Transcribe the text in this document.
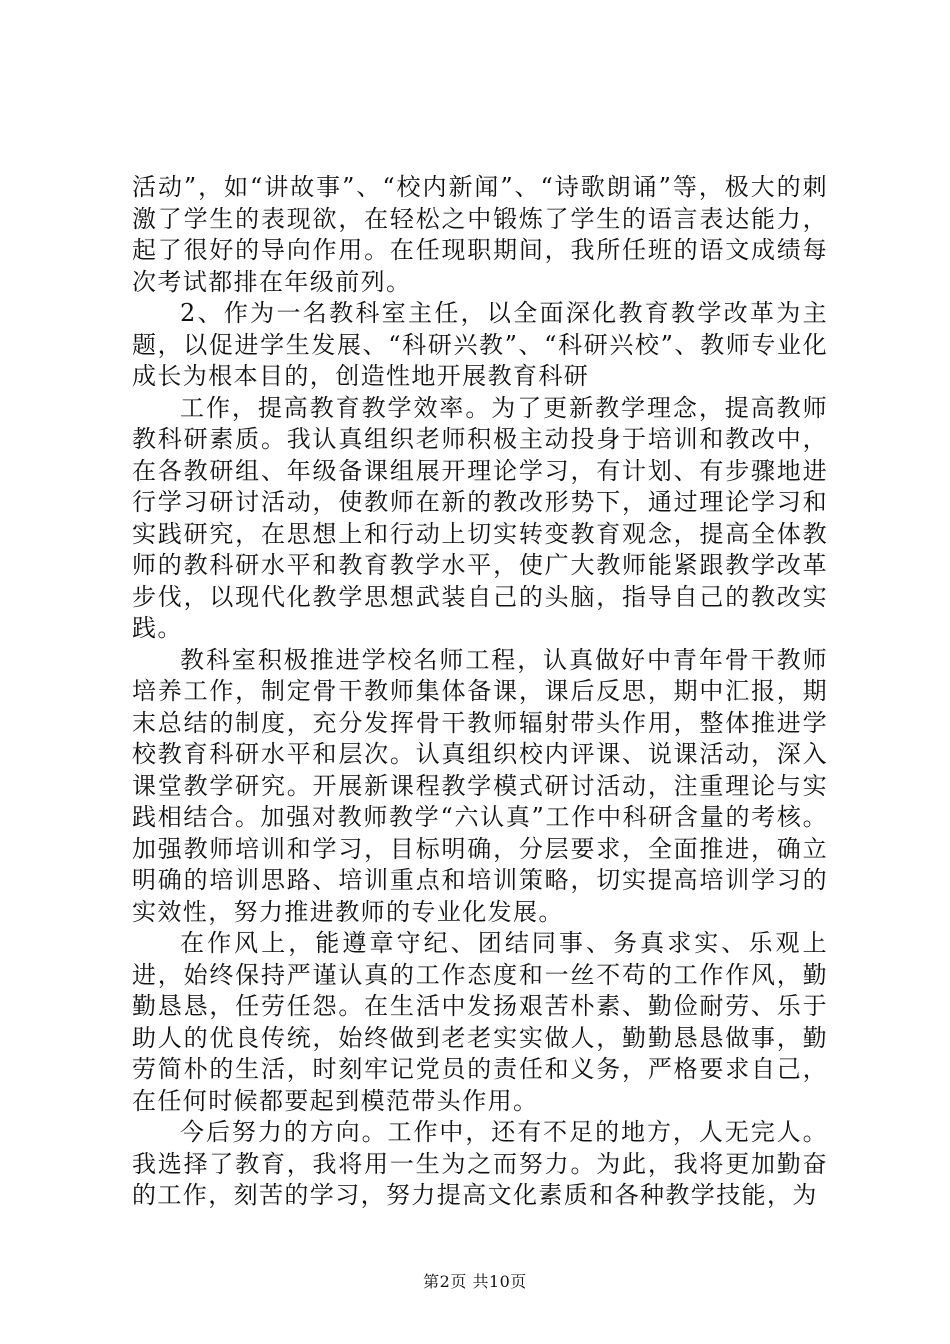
活动”，如“讲故事”、“校内新闻”、“诗歌朗诵”等，极大的刺激了学生的表现欲，在轻松之中锻炼了学生的语言表达能力，起了很好的导向作用。在任现职期间，我所任班的语文成绩每次考试都排在年级前列。

2、作为一名教科室主任，以全面深化教育教学改革为主题，以促进学生发展、“科研兴教”、“科研兴校”、教师专业化成长为根本目的，创造性地开展教育科研

工作，提高教育教学效率。为了更新教学理念，提高教师教科研素质。我认真组织老师积极主动投身于培训和教改中，在各教研组、年级备课组展开理论学习，有计划、有步骤地进行学习研讨活动，使教师在新的教改形势下，通过理论学习和实践研究，在思想上和行动上切实转变教育观念，提高全体教师的教科研水平和教育教学水平，使广大教师能紧跟教学改革步伐，以现代化教学思想武装自己的头脑，指导自己的教改实践。

教科室积极推进学校名师工程，认真做好中青年骨干教师培养工作，制定骨干教师集体备课，课后反思，期中汇报，期末总结的制度，充分发挥骨干教师辐射带头作用，整体推进学校教育科研水平和层次。认真组织校内评课、说课活动，深入课堂教学研究。开展新课程教学模式研讨活动，注重理论与实践相结合。加强对教师教学“六认真”工作中科研含量的考核。加强教师培训和学习，目标明确，分层要求，全面推进，确立明确的培训思路、培训重点和培训策略，切实提高培训学习的实效性，努力推进教师的专业化发展。

在作风上，能遵章守纪、团结同事、务真求实、乐观上进，始终保持严谨认真的工作态度和一丝不苟的工作作风，勤勤恳恳，任劳任怨。在生活中发扬艰苦朴素、勤俭耐劳、乐于助人的优良传统，始终做到老老实实做人，勤勤恳恳做事，勤劳简朴的生活，时刻牢记党员的责任和义务，严格要求自己，在任何时候都要起到模范带头作用。

今后努力的方向。工作中，还有不足的地方，人无完人。我选择了教育，我将用一生为之而努力。为此，我将更加勤奋的工作，刻苦的学习，努力提高文化素质和各种教学技能，为

第2页 共10页
